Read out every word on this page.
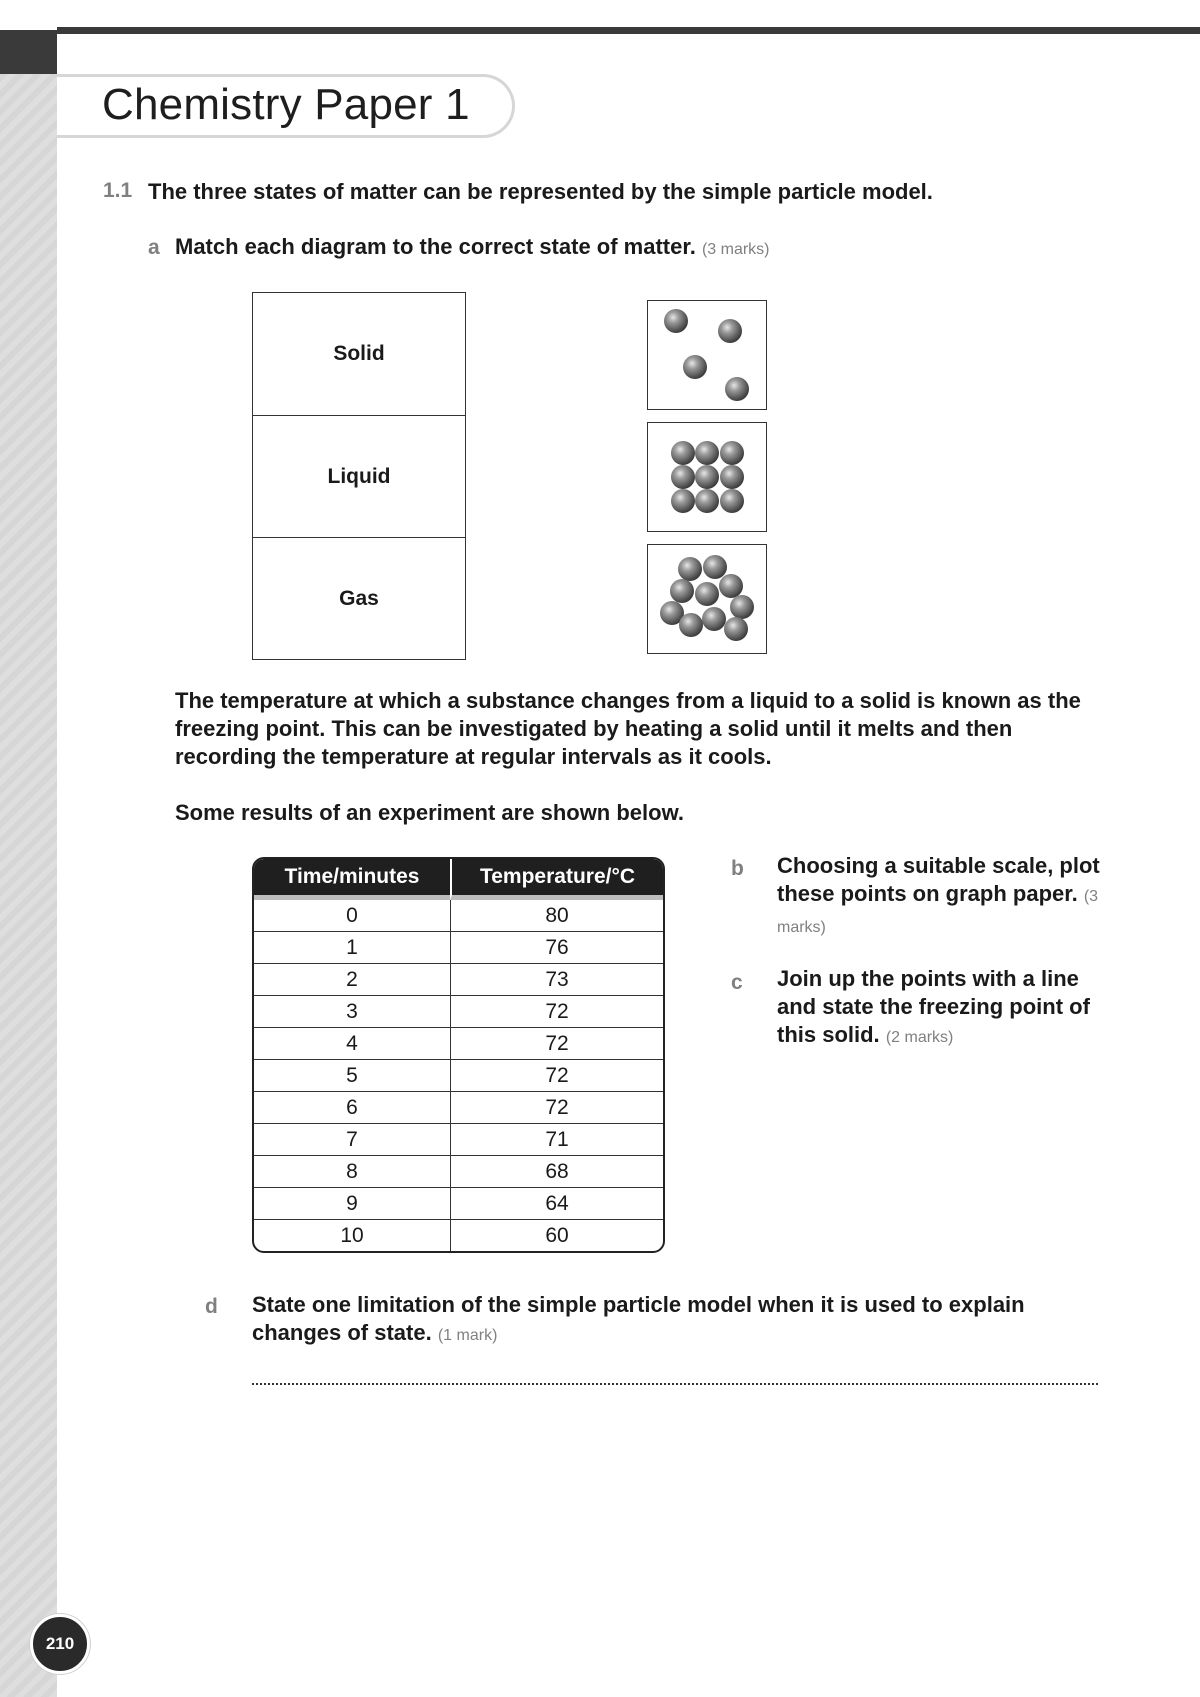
Chemistry Paper 1
1.1 The three states of matter can be represented by the simple particle model.
a Match each diagram to the correct state of matter. (3 marks)
Solid
Liquid
Gas
The temperature at which a substance changes from a liquid to a solid is known as the freezing point. This can be investigated by heating a solid until it melts and then recording the temperature at regular intervals as it cools.
Some results of an experiment are shown below.
Time/minutes	Temperature/°C
0	80
1	76
2	73
3	72
4	72
5	72
6	72
7	71
8	68
9	64
10	60
b Choosing a suitable scale, plot these points on graph paper. (3 marks)
c Join up the points with a line and state the freezing point of this solid. (2 marks)
d State one limitation of the simple particle model when it is used to explain changes of state. (1 mark)
210
